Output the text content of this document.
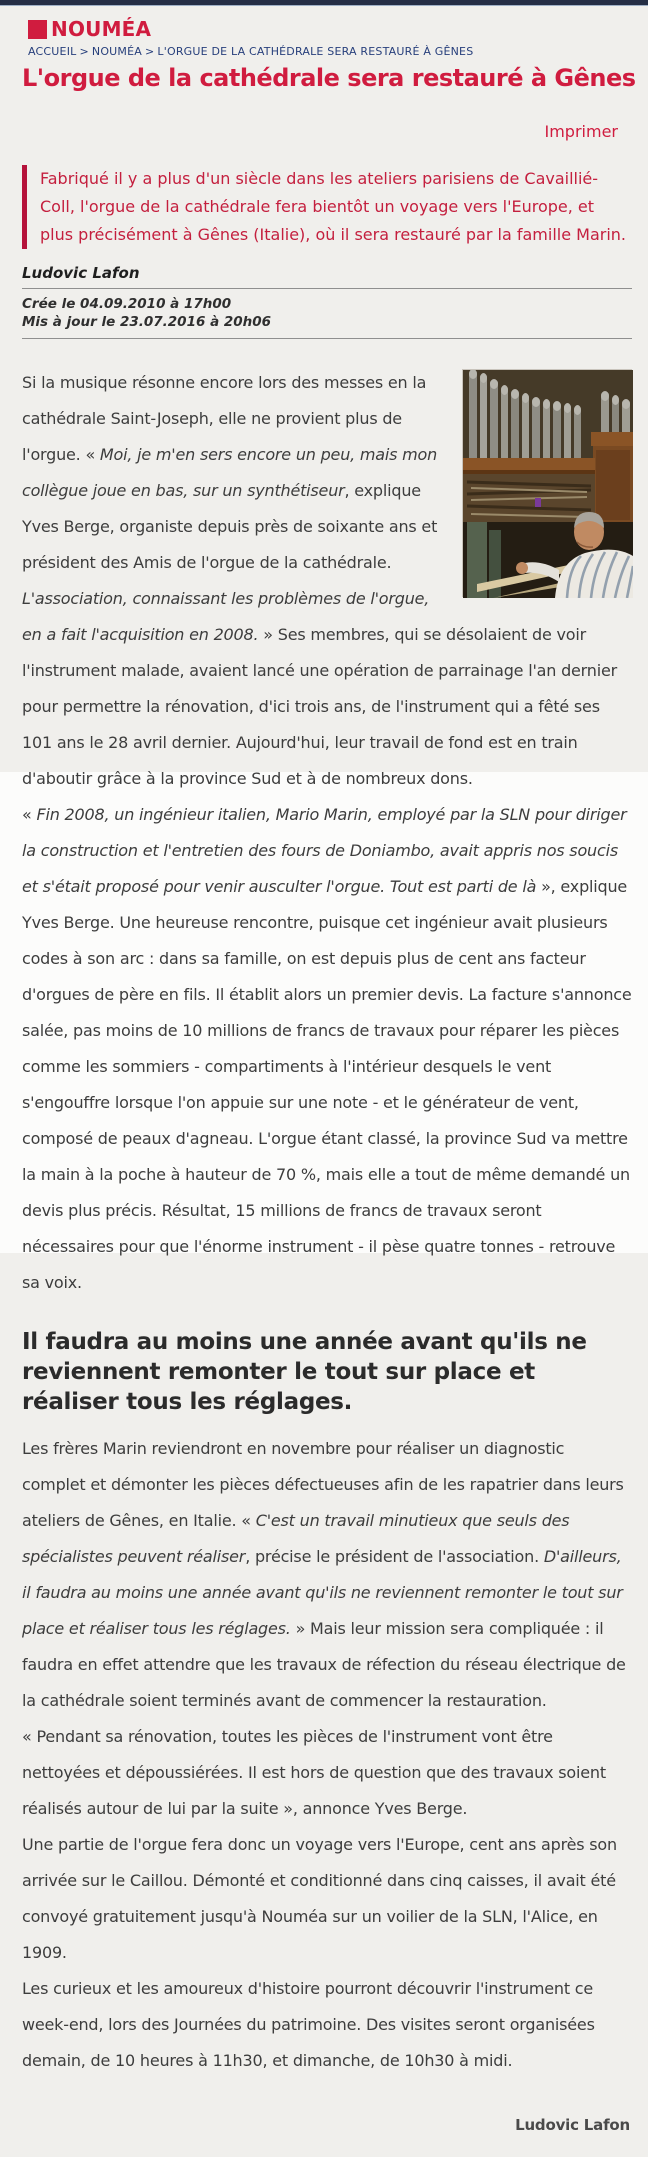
NOUMÉA
ACCUEIL > NOUMÉA > L'ORGUE DE LA CATHÉDRALE SERA RESTAURÉ À GÊNES
L'orgue de la cathédrale sera restauré à Gênes
Imprimer
Fabriqué il y a plus d'un siècle dans les ateliers parisiens de Cavaillié-Coll, l'orgue de la cathédrale fera bientôt un voyage vers l'Europe, et plus précisément à Gênes (Italie), où il sera restauré par la famille Marin.
Ludovic Lafon
Crée le 04.09.2010 à 17h00
Mis à jour le 23.07.2016 à 20h06

Si la musique résonne encore lors des messes en la cathédrale Saint-Joseph, elle ne provient plus de l'orgue. « Moi, je m'en sers encore un peu, mais mon collègue joue en bas, sur un synthétiseur, explique Yves Berge, organiste depuis près de soixante ans et président des Amis de l'orgue de la cathédrale. L'association, connaissant les problèmes de l'orgue, en a fait l'acquisition en 2008. » Ses membres, qui se désolaient de voir l'instrument malade, avaient lancé une opération de parrainage l'an dernier pour permettre la rénovation, d'ici trois ans, de l'instrument qui a fêté ses 101 ans le 28 avril dernier. Aujourd'hui, leur travail de fond est en train d'aboutir grâce à la province Sud et à de nombreux dons.

« Fin 2008, un ingénieur italien, Mario Marin, employé par la SLN pour diriger la construction et l'entretien des fours de Doniambo, avait appris nos soucis et s'était proposé pour venir ausculter l'orgue. Tout est parti de là », explique Yves Berge. Une heureuse rencontre, puisque cet ingénieur avait plusieurs codes à son arc : dans sa famille, on est depuis plus de cent ans facteur d'orgues de père en fils. Il établit alors un premier devis. La facture s'annonce salée, pas moins de 10 millions de francs de travaux pour réparer les pièces comme les sommiers - compartiments à l'intérieur desquels le vent s'engouffre lorsque l'on appuie sur une note - et le générateur de vent, composé de peaux d'agneau. L'orgue étant classé, la province Sud va mettre la main à la poche à hauteur de 70 %, mais elle a tout de même demandé un devis plus précis. Résultat, 15 millions de francs de travaux seront nécessaires pour que l'énorme instrument - il pèse quatre tonnes - retrouve sa voix.

Il faudra au moins une année avant qu'ils ne reviennent remonter le tout sur place et réaliser tous les réglages.

Les frères Marin reviendront en novembre pour réaliser un diagnostic complet et démonter les pièces défectueuses afin de les rapatrier dans leurs ateliers de Gênes, en Italie. « C'est un travail minutieux que seuls des spécialistes peuvent réaliser, précise le président de l'association. D'ailleurs, il faudra au moins une année avant qu'ils ne reviennent remonter le tout sur place et réaliser tous les réglages. » Mais leur mission sera compliquée : il faudra en effet attendre que les travaux de réfection du réseau électrique de la cathédrale soient terminés avant de commencer la restauration.

« Pendant sa rénovation, toutes les pièces de l'instrument vont être nettoyées et dépoussiérées. Il est hors de question que des travaux soient réalisés autour de lui par la suite », annonce Yves Berge.

Une partie de l'orgue fera donc un voyage vers l'Europe, cent ans après son arrivée sur le Caillou. Démonté et conditionné dans cinq caisses, il avait été convoyé gratuitement jusqu'à Nouméa sur un voilier de la SLN, l'Alice, en 1909.

Les curieux et les amoureux d'histoire pourront découvrir l'instrument ce week-end, lors des Journées du patrimoine. Des visites seront organisées demain, de 10 heures à 11h30, et dimanche, de 10h30 à midi.

Ludovic Lafon
